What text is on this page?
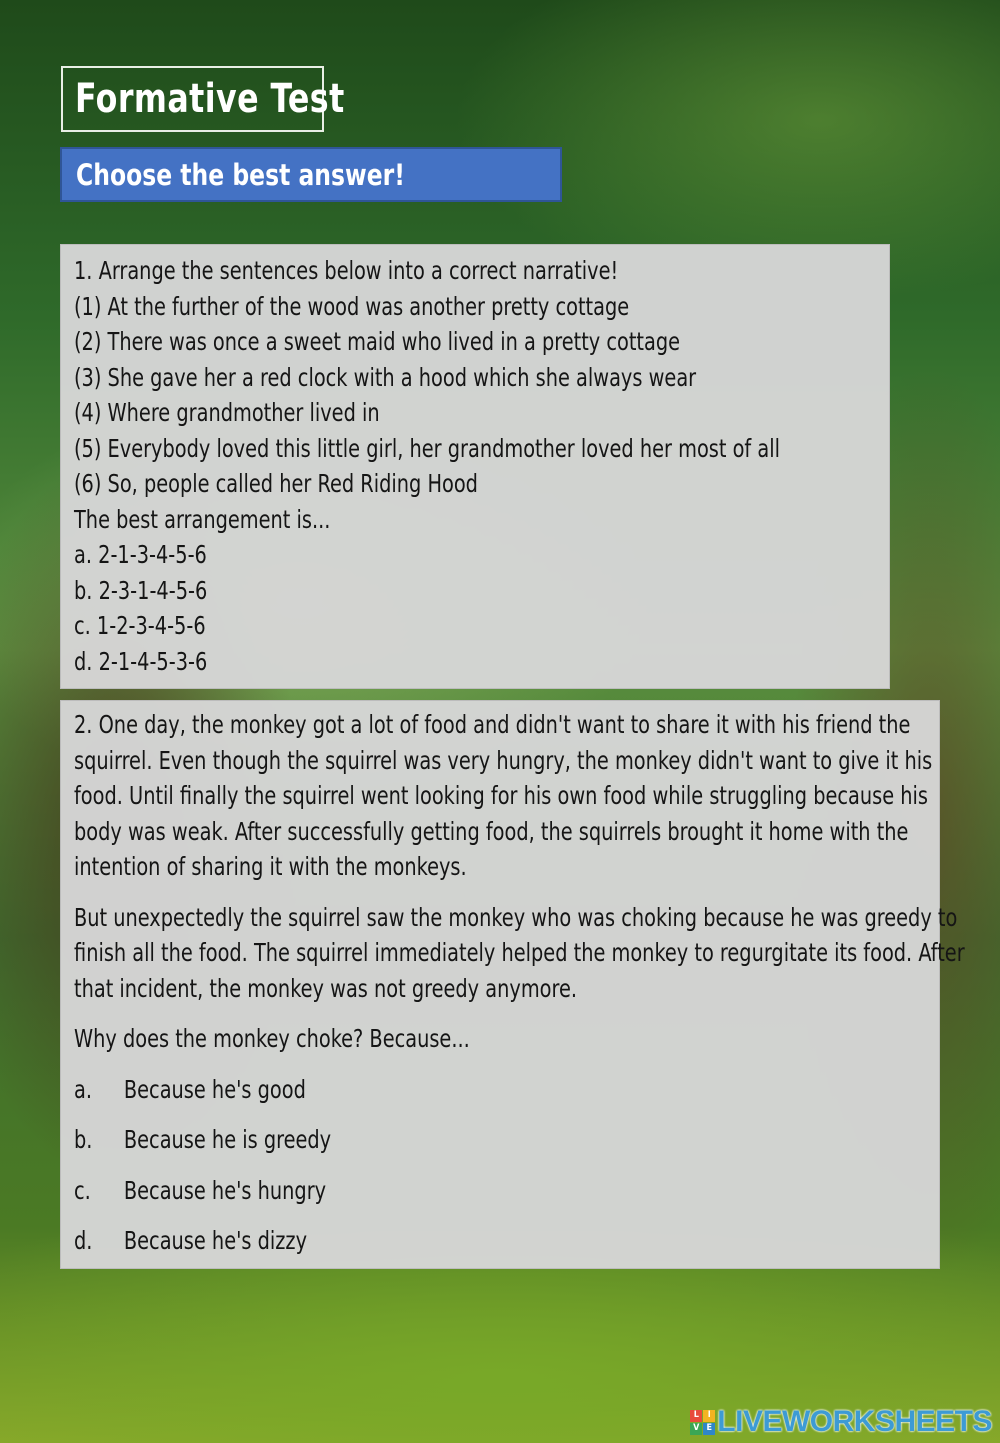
Formative Test
Choose the best answer!
1. Arrange the sentences below into a correct narrative!
(1) At the further of the wood was another pretty cottage
(2) There was once a sweet maid who lived in a pretty cottage
(3) She gave her a red clock with a hood which she always wear
(4) Where grandmother lived in
(5) Everybody loved this little girl, her grandmother loved her most of all
(6) So, people called her Red Riding Hood
The best arrangement is...
a. 2-1-3-4-5-6
b. 2-3-1-4-5-6
c. 1-2-3-4-5-6
d. 2-1-4-5-3-6
2. One day, the monkey got a lot of food and didn't want to share it with his friend the
squirrel. Even though the squirrel was very hungry, the monkey didn't want to give it his
food. Until finally the squirrel went looking for his own food while struggling because his
body was weak. After successfully getting food, the squirrels brought it home with the
intention of sharing it with the monkeys.
But unexpectedly the squirrel saw the monkey who was choking because he was greedy to
finish all the food. The squirrel immediately helped the monkey to regurgitate its food. After
that incident, the monkey was not greedy anymore.
Why does the monkey choke? Because...
a.	Because he's good
b.	Because he is greedy
c.	Because he's hungry
d.	Because he's dizzy
L I
V E LIVEWORKSHEETS
